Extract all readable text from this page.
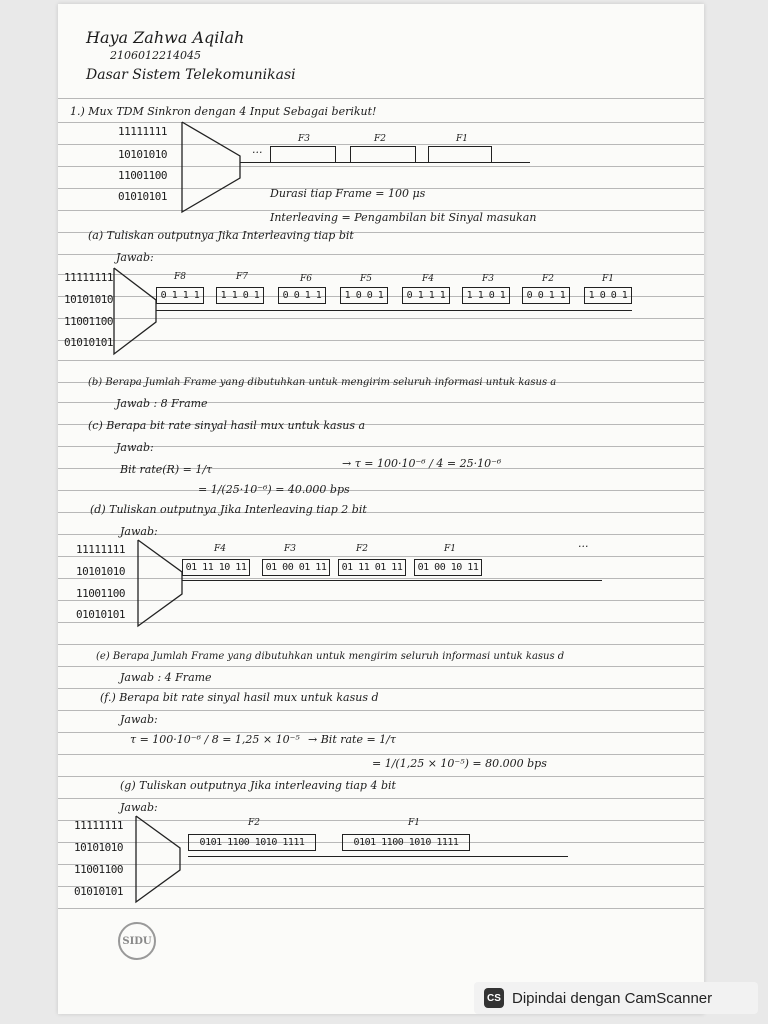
Haya Zahwa Aqilah
2106012214045
Dasar Sistem Telekomunikasi
1.) Mux TDM Sinkron dengan 4 Input Sebagai berikut!
11111111
10101010
11001100
01010101
...
F3	F2	F1
Durasi tiap Frame = 100 μs
Interleaving = Pengambilan bit Sinyal masukan
(a) Tuliskan outputnya Jika Interleaving tiap bit
Jawab:
11111111
10101010
11001100
01010101
F8	F7	F6	F5	F4	F3	F2	F1
0 1 1 1	1 1 0 1	0 0 1 1	1 0 0 1	0 1 1 1	1 1 0 1	0 0 1 1	1 0 0 1
(b) Berapa Jumlah Frame yang dibutuhkan untuk mengirim seluruh informasi untuk kasus a
Jawab : 8 Frame
(c) Berapa bit rate sinyal hasil mux untuk kasus a
Jawab:
Bit rate(R) = 1/τ	→ τ = 100·10⁻⁶ / 4 = 25·10⁻⁶
= 1/(25·10⁻⁶) = 40.000 bps
(d) Tuliskan outputnya Jika Interleaving tiap 2 bit
Jawab:
11111111
10101010
11001100
01010101
F4	F3	F2	F1
01 11 10 11	01 00 01 11	01 11 01 11	01 00 10 11
...
(e) Berapa Jumlah Frame yang dibutuhkan untuk mengirim seluruh informasi untuk kasus d
Jawab : 4 Frame
(f.) Berapa bit rate sinyal hasil mux untuk kasus d
Jawab:
τ = 100·10⁻⁶ / 8 = 1,25 × 10⁻⁵ → Bit rate = 1/τ
= 1/(1,25 × 10⁻⁵) = 80.000 bps
(g) Tuliskan outputnya Jika interleaving tiap 4 bit
Jawab:
11111111
10101010
11001100
01010101
F2	F1
0101 1100 1010 1111	0101 1100 1010 1111
SIDU
CS Dipindai dengan CamScanner
